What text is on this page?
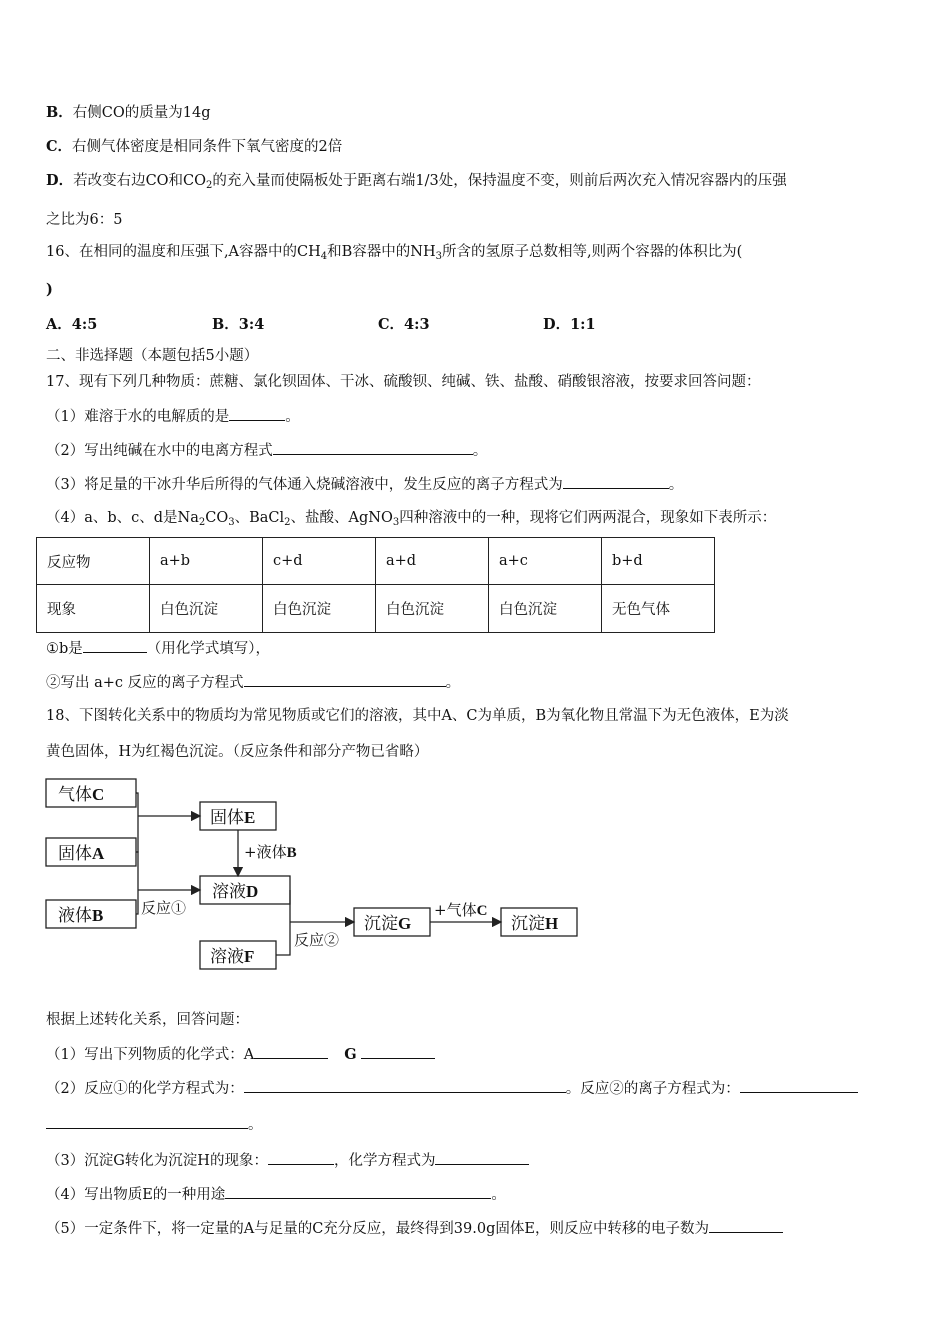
B．右侧CO的质量为14g
C．右侧气体密度是相同条件下氧气密度的2倍
D．若改变右边CO和$CO_2$的充入量而使隔板处于距离右端1/3处，保持温度不变，则前后两次充入情况容器内的压强
之比为6：5
16、在相同的温度和压强下,A容器中的$CH_4$和B容器中的$NH_3$所含的氢原子总数相等,则两个容器的体积比为(
)
A．4:5	B．3:4	C．4:3	D．1:1
二、非选择题（本题包括5小题）
17、现有下列几种物质：蔗糖、氯化钡固体、干冰、硫酸钡、纯碱、铁、盐酸、硝酸银溶液，按要求回答问题：
（1）难溶于水的电解质的是	。
（2）写出纯碱在水中的电离方程式	。
（3）将足量的干冰升华后所得的气体通入烧碱溶液中，发生反应的离子方程式为	。
（4）a、b、c、d是$Na_2CO_3$、BaCl$_2$、盐酸、AgNO$_3$四种溶液中的一种，现将它们两两混合，现象如下表所示：
反应物	a+b	c+d	a+d	a+c	b+d
现象	白色沉淀	白色沉淀	白色沉淀	白色沉淀	无色气体
①b是	（用化学式填写），
②写出 a+c 反应的离子方程式	。
18、下图转化关系中的物质均为常见物质或它们的溶液，其中A、C为单质，B为氧化物且常温下为无色液体，E为淡
黄色固体，H为红褐色沉淀。（反应条件和部分产物已省略）
气体C
固体A
液体B
固体E
溶液D
溶液F
沉淀G	沉淀H
+液体B
反应①
反应②
+气体C
根据上述转化关系，回答问题：
（1）写出下列物质的化学式：A	G
（2）反应①的化学方程式为：	。反应②的离子方程式为：
。
（3）沉淀G转化为沉淀H的现象：	，化学方程式为
（4）写出物质E的一种用途	。
（5）一定条件下，将一定量的A与足量的C充分反应，最终得到39.0g固体E，则反应中转移的电子数为
